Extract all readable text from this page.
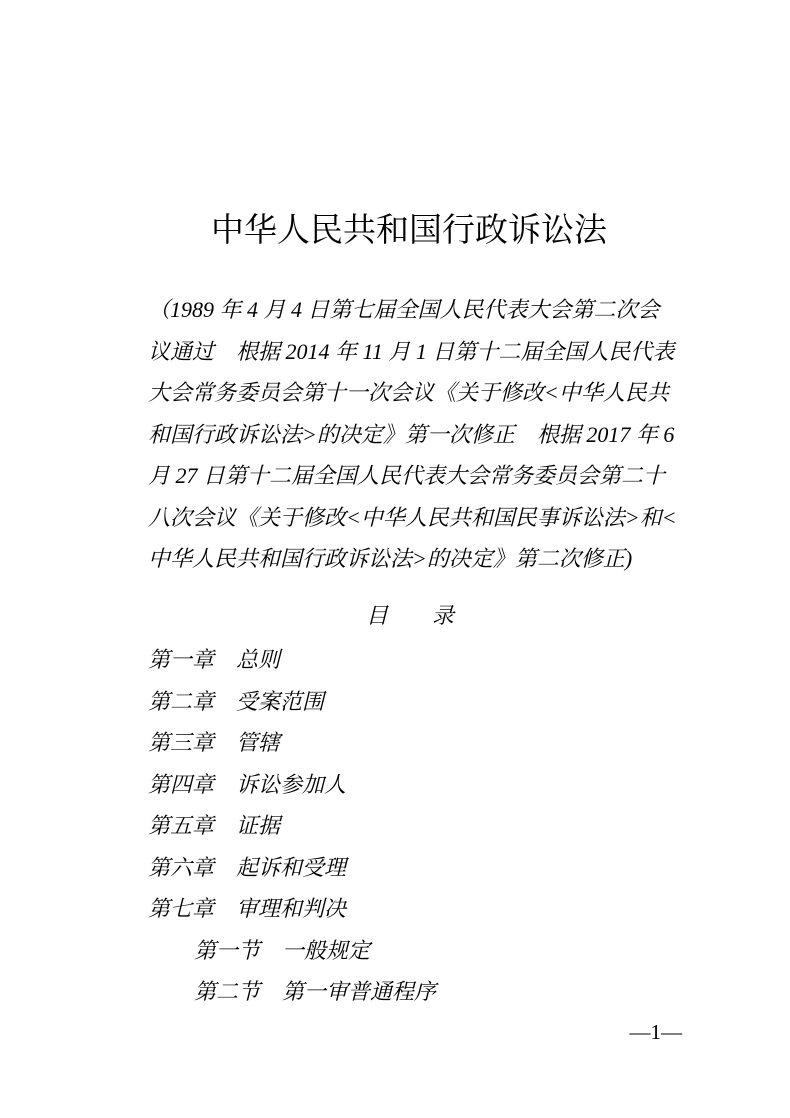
中华人民共和国行政诉讼法
（1989 年 4 月 4 日第七届全国人民代表大会第二次会
议通过　根据 2014 年 11 月 1 日第十二届全国人民代表
大会常务委员会第十一次会议《关于修改<中华人民共
和国行政诉讼法>的决定》第一次修正　根据 2017 年 6
月 27 日第十二届全国人民代表大会常务委员会第二十
八次会议《关于修改<中华人民共和国民事诉讼法>和<
中华人民共和国行政诉讼法>的决定》第二次修正)
目　　录
第一章　总则
第二章　受案范围
第三章　管辖
第四章　诉讼参加人
第五章　证据
第六章　起诉和受理
第七章　审理和判决
第一节　一般规定
第二节　第一审普通程序
—1—
